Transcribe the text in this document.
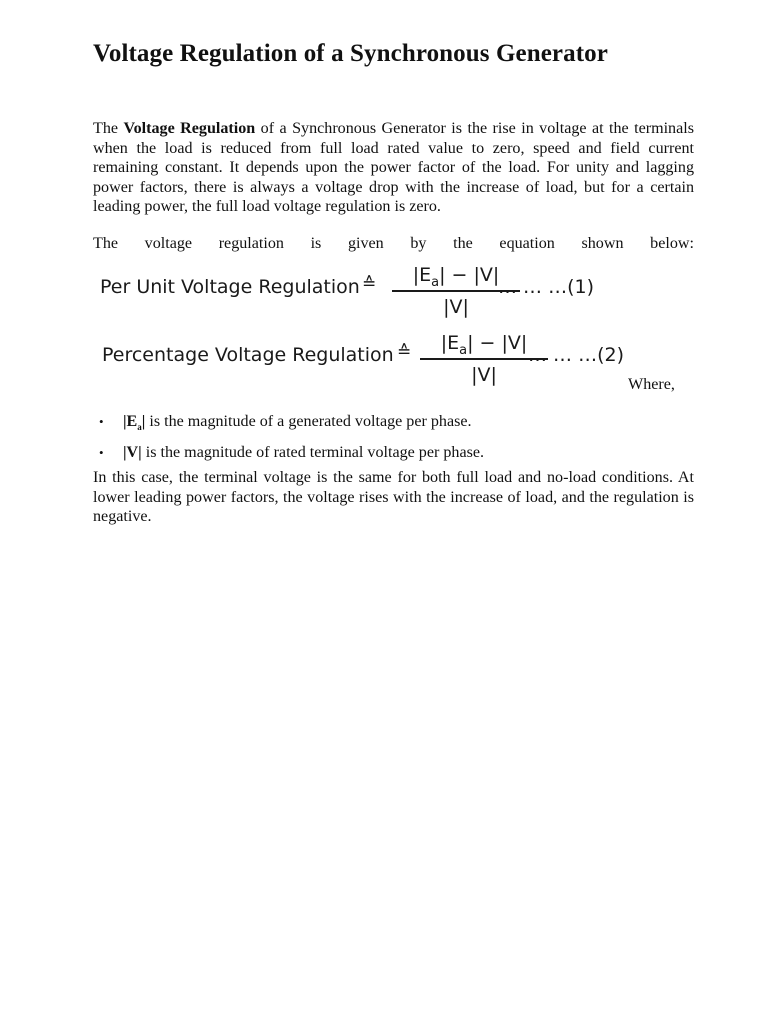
Voltage Regulation of a Synchronous Generator

The Voltage Regulation of a Synchronous Generator is the rise in voltage at the terminals when the load is reduced from full load rated value to zero, speed and field current remaining constant. It depends upon the power factor of the load. For unity and lagging power factors, there is always a voltage drop with the increase of load, but for a certain leading power, the full load voltage regulation is zero.

The voltage regulation is given by the equation shown below:

Per Unit Voltage Regulation ≙	$|E_a| - |V|$
|V|
… … …(1)
Percentage Voltage Regulation ≙	$|E_a| - |V|$
|V|
… … …(2)

Where,

• $|E_a|$ is the magnitude of a generated voltage per phase.
• |V| is the magnitude of rated terminal voltage per phase.

In this case, the terminal voltage is the same for both full load and no-load conditions. At lower leading power factors, the voltage rises with the increase of load, and the regulation is negative.
